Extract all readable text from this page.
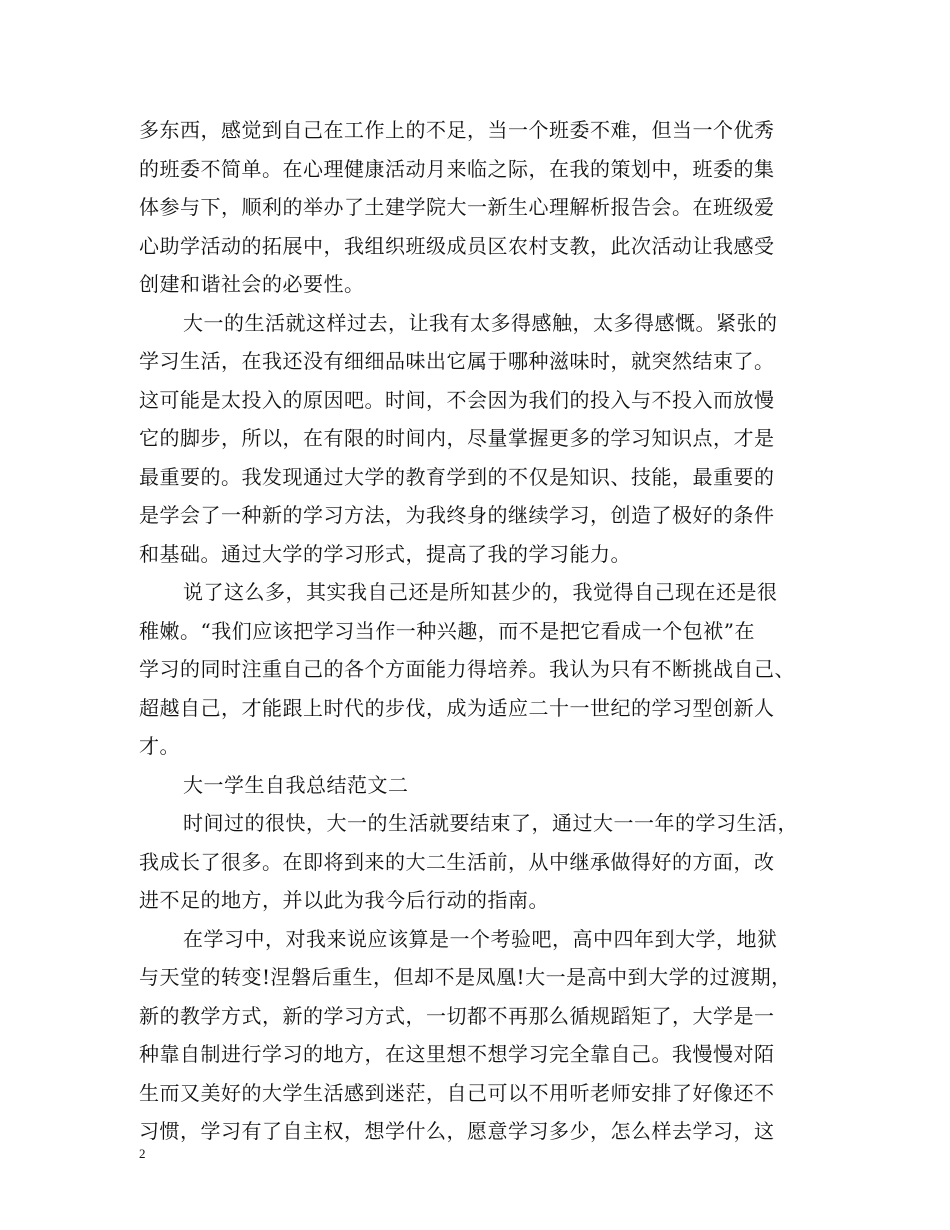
多东西，感觉到自己在工作上的不足，当一个班委不难，但当一个优秀
的班委不简单。在心理健康活动月来临之际，在我的策划中，班委的集
体参与下，顺利的举办了土建学院大一新生心理解析报告会。在班级爱
心助学活动的拓展中，我组织班级成员区农村支教，此次活动让我感受
创建和谐社会的必要性。
大一的生活就这样过去，让我有太多得感触，太多得感慨。紧张的
学习生活，在我还没有细细品味出它属于哪种滋味时，就突然结束了。
这可能是太投入的原因吧。时间，不会因为我们的投入与不投入而放慢
它的脚步，所以，在有限的时间内，尽量掌握更多的学习知识点，才是
最重要的。我发现通过大学的教育学到的不仅是知识、技能，最重要的
是学会了一种新的学习方法，为我终身的继续学习，创造了极好的条件
和基础。通过大学的学习形式，提高了我的学习能力。
说了这么多，其实我自己还是所知甚少的，我觉得自己现在还是很
稚嫩。“我们应该把学习当作一种兴趣，而不是把它看成一个包袱”在
学习的同时注重自己的各个方面能力得培养。我认为只有不断挑战自己、
超越自己，才能跟上时代的步伐，成为适应二十一世纪的学习型创新人
才。
大一学生自我总结范文二
时间过的很快，大一的生活就要结束了，通过大一一年的学习生活，
我成长了很多。在即将到来的大二生活前，从中继承做得好的方面，改
进不足的地方，并以此为我今后行动的指南。
在学习中，对我来说应该算是一个考验吧，高中四年到大学，地狱
与天堂的转变!涅磐后重生，但却不是凤凰!大一是高中到大学的过渡期，
新的教学方式，新的学习方式，一切都不再那么循规蹈矩了，大学是一
种靠自制进行学习的地方，在这里想不想学习完全靠自己。我慢慢对陌
生而又美好的大学生活感到迷茫，自己可以不用听老师安排了好像还不
习惯，学习有了自主权，想学什么，愿意学习多少，怎么样去学习，这
2
